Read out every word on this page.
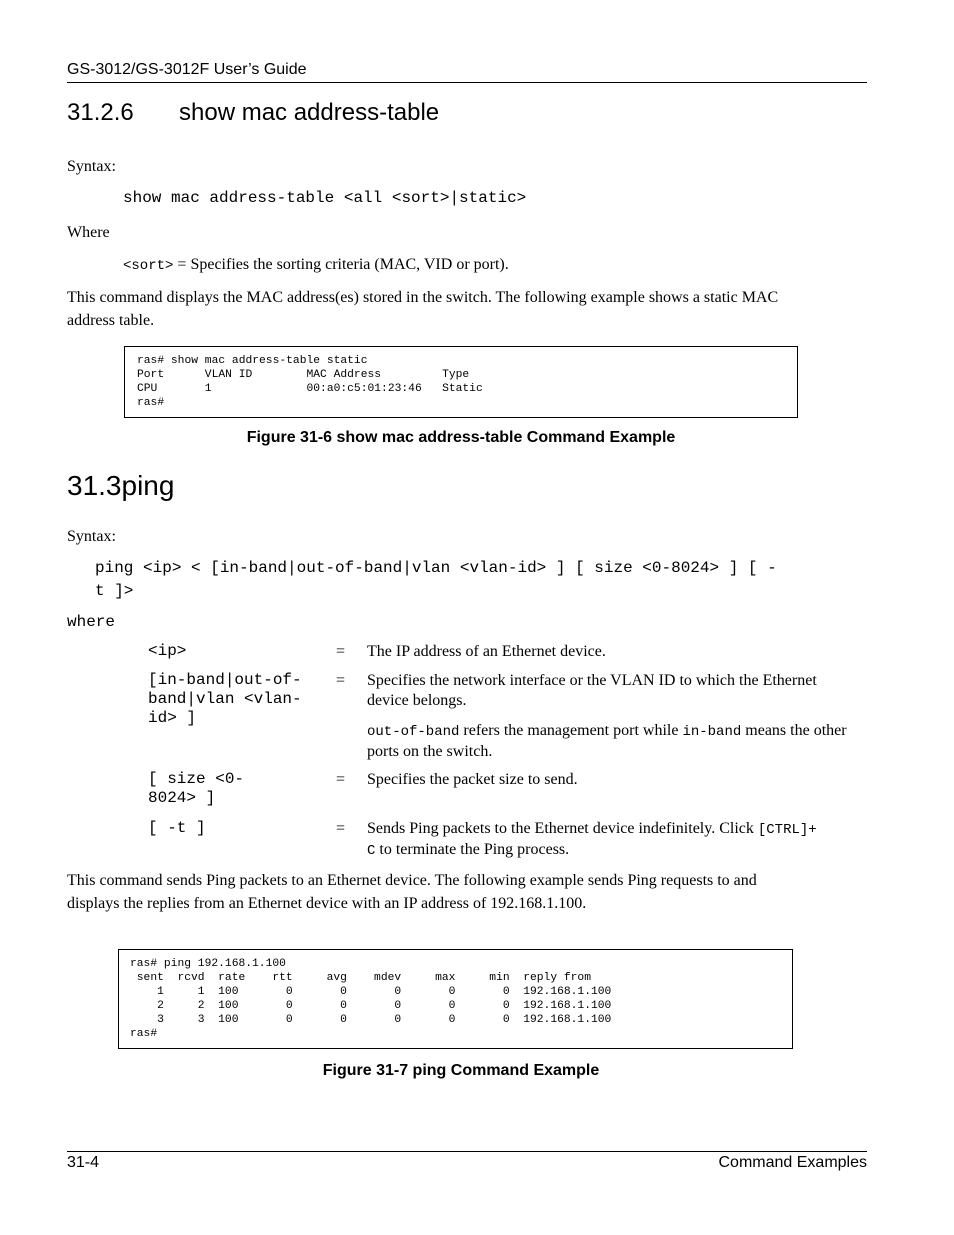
GS-3012/GS-3012F User’s Guide
31.2.6 show mac address-table
Syntax:
show mac address-table <all <sort>|static>
Where
<sort> = Specifies the sorting criteria (MAC, VID or port).
This command displays the MAC address(es) stored in the switch. The following example shows a static MAC
address table.
ras# show mac address-table static
Port      VLAN ID        MAC Address         Type
CPU       1              00:a0:c5:01:23:46   Static
ras#
Figure 31-6 show mac address-table Command Example
31.3ping
Syntax:
ping <ip> < [in-band|out-of-band|vlan <vlan-id> ] [ size <0-8024> ] [ -
t ]>
where
<ip>	= The IP address of an Ethernet device.
[in-band|out-of-
band|vlan <vlan-
id> ]
= Specifies the network interface or the VLAN ID to which the Ethernet device belongs.
out-of-band refers the management port while in-band means the other ports on the switch.
[ size <0-
8024> ]
= Specifies the packet size to send.
[ -t ]	= Sends Ping packets to the Ethernet device indefinitely. Click [CTRL]+
C to terminate the Ping process.
This command sends Ping packets to an Ethernet device. The following example sends Ping requests to and
displays the replies from an Ethernet device with an IP address of 192.168.1.100.
ras# ping 192.168.1.100
sent  rcvd  rate    rtt     avg    mdev     max     min  reply from
1     1  100       0       0       0       0       0  192.168.1.100
2     2  100       0       0       0       0       0  192.168.1.100
3     3  100       0       0       0       0       0  192.168.1.100
ras#
Figure 31-7 ping Command Example
31-4	Command Examples
